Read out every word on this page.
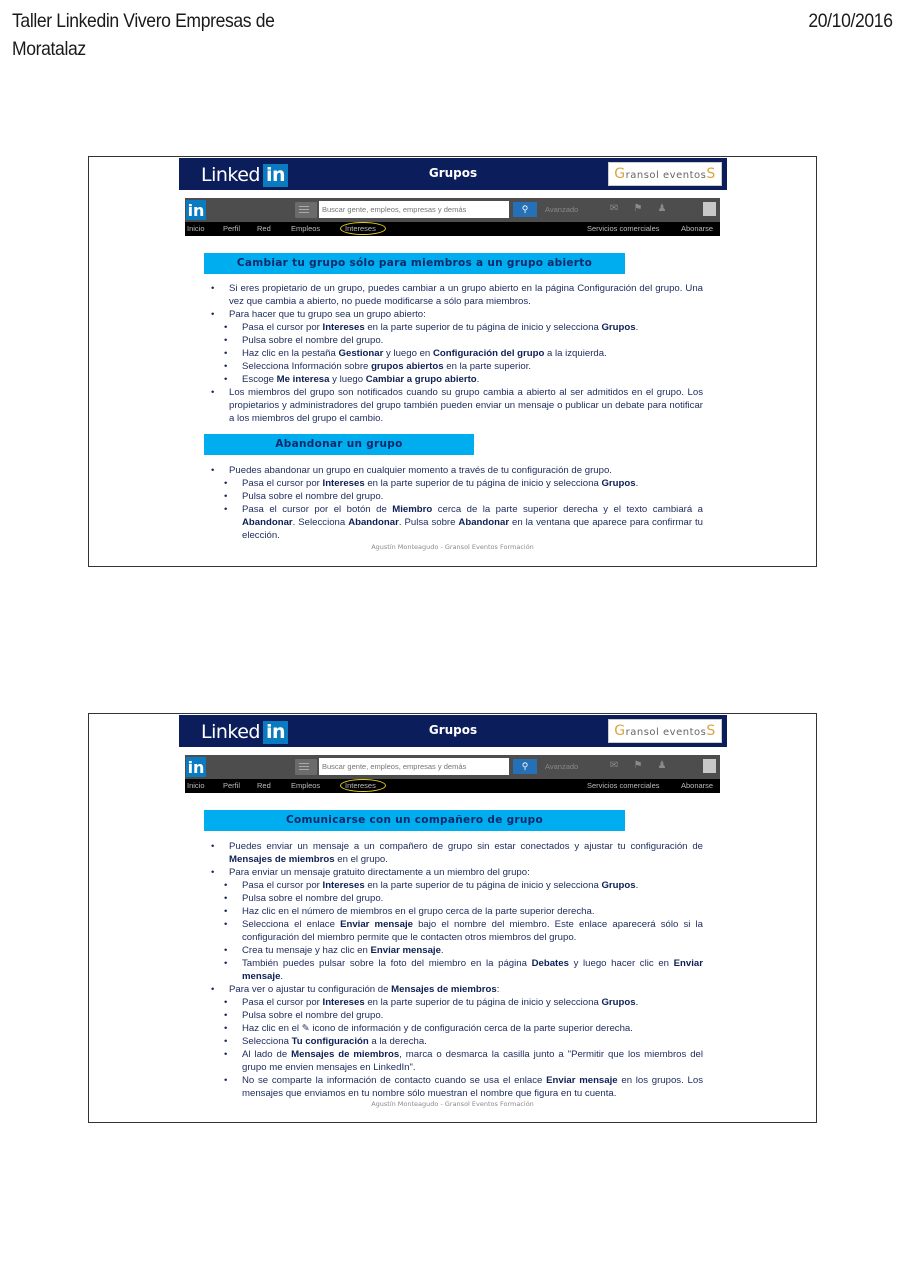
Taller Linkedin Vivero Empresas de Moratalaz
20/10/2016
Linked in	Grupos	Gransol eventosS
in
Buscar gente, empleos, empresas y demás	⚲	Avanzado	✉ ⚑ ♟
Inicio Perfil Red	Empleos	Intereses	Servicios comerciales	Abonarse
Cambiar tu grupo sólo para miembros a un grupo abierto
• Si eres propietario de un grupo, puedes cambiar a un grupo abierto en la página Configuración del grupo. Una vez que cambia a abierto, no puede modificarse a sólo para miembros.
• Para hacer que tu grupo sea un grupo abierto:
• Pasa el cursor por Intereses en la parte superior de tu página de inicio y selecciona Grupos.
• Pulsa sobre el nombre del grupo.
• Haz clic en la pestaña Gestionar y luego en Configuración del grupo a la izquierda.
• Selecciona Información sobre grupos abiertos en la parte superior.
• Escoge Me interesa y luego Cambiar a grupo abierto.
• Los miembros del grupo son notificados cuando su grupo cambia a abierto al ser admitidos en el grupo. Los propietarios y administradores del grupo también pueden enviar un mensaje o publicar un debate para notificar a los miembros del grupo el cambio.
Abandonar un grupo
• Puedes abandonar un grupo en cualquier momento a través de tu configuración de grupo.
• Pasa el cursor por Intereses en la parte superior de tu página de inicio y selecciona Grupos.
• Pulsa sobre el nombre del grupo.
• Pasa el cursor por el botón de Miembro cerca de la parte superior derecha y el texto cambiará a Abandonar. Selecciona Abandonar. Pulsa sobre Abandonar en la ventana que aparece para confirmar tu elección.
Agustín Monteagudo - Gransol Eventos Formación
Linked in	Grupos	Gransol eventosS
in
Buscar gente, empleos, empresas y demás	⚲	Avanzado	✉ ⚑ ♟
Inicio Perfil Red	Empleos	Intereses	Servicios comerciales	Abonarse
Comunicarse con un compañero de grupo
• Puedes enviar un mensaje a un compañero de grupo sin estar conectados y ajustar tu configuración de Mensajes de miembros en el grupo.
• Para enviar un mensaje gratuito directamente a un miembro del grupo:
• Pasa el cursor por Intereses en la parte superior de tu página de inicio y selecciona Grupos.
• Pulsa sobre el nombre del grupo.
• Haz clic en el número de miembros en el grupo cerca de la parte superior derecha.
• Selecciona el enlace Enviar mensaje bajo el nombre del miembro. Este enlace aparecerá sólo si la configuración del miembro permite que le contacten otros miembros del grupo.
• Crea tu mensaje y haz clic en Enviar mensaje.
• También puedes pulsar sobre la foto del miembro en la página Debates y luego hacer clic en Enviar mensaje.
• Para ver o ajustar tu configuración de Mensajes de miembros:
• Pasa el cursor por Intereses en la parte superior de tu página de inicio y selecciona Grupos.
• Pulsa sobre el nombre del grupo.
• Haz clic en el ✎ icono de información y de configuración cerca de la parte superior derecha.
• Selecciona Tu configuración a la derecha.
• Al lado de Mensajes de miembros, marca o desmarca la casilla junto a "Permitir que los miembros del grupo me envien mensajes en LinkedIn".
• No se comparte la información de contacto cuando se usa el enlace Enviar mensaje en los grupos. Los mensajes que enviamos en tu nombre sólo muestran el nombre que figura en tu cuenta.
Agustín Monteagudo - Gransol Eventos Formación
